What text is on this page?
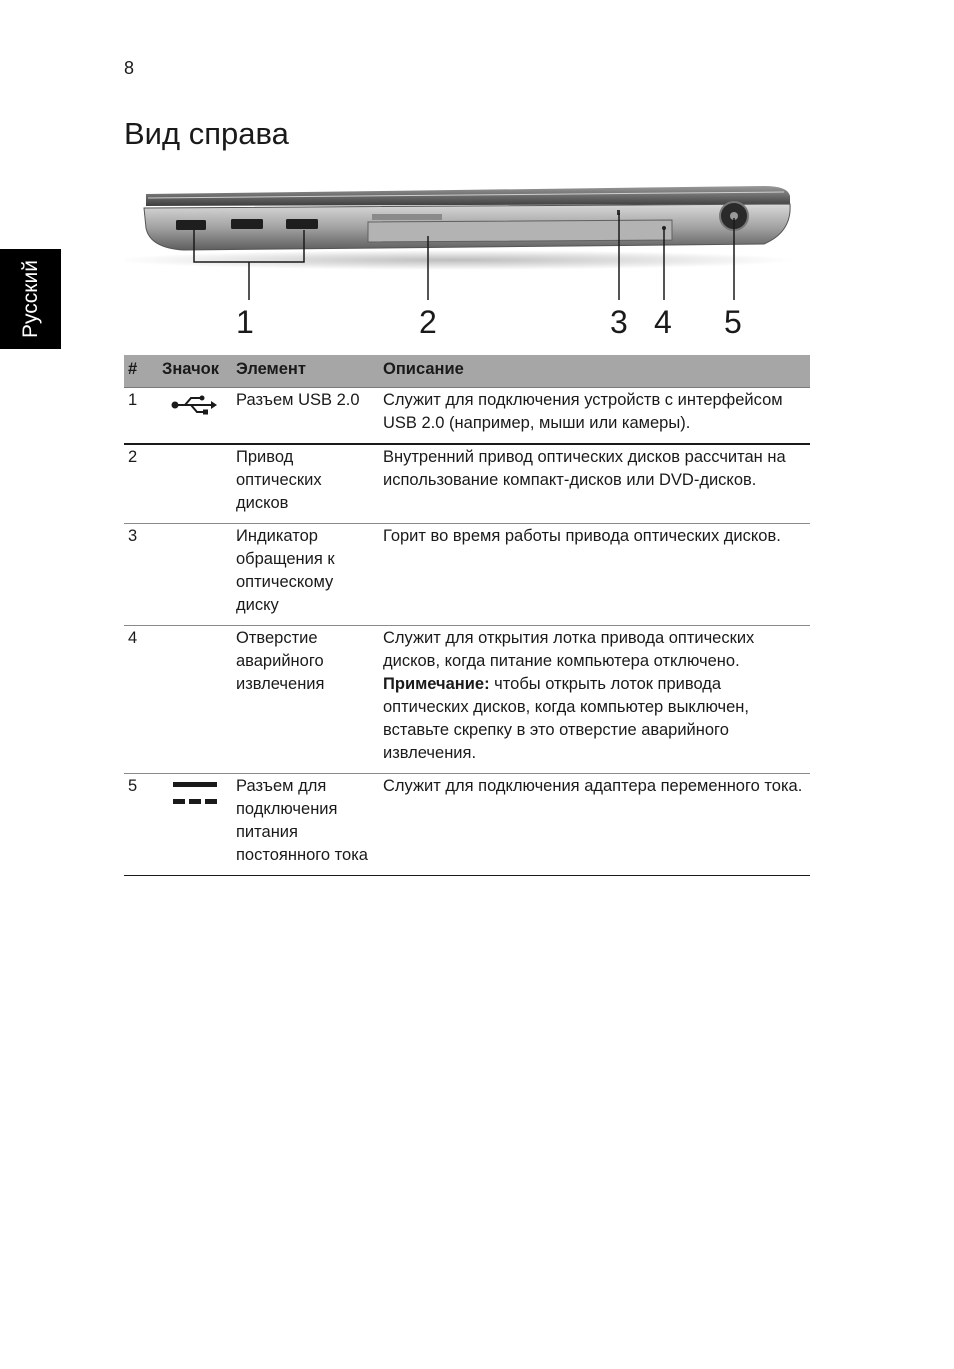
8
Вид справа
Русский	1	2	3 4 5
#	Значок	Элемент	Описание
1		Разъем USB 2.0	Служит для подключения устройств с интерфейсом USB 2.0 (например, мыши или камеры).
2		Привод оптических дисков	Внутренний привод оптических дисков рассчитан на использование компакт-дисков или DVD-дисков.
3		Индикатор обращения к оптическому диску	Горит во время работы привода оптических дисков.
4		Отверстие аварийного извлечения	Служит для открытия лотка привода оптических дисков, когда питание компьютера отключено.
Примечание: чтобы открыть лоток привода оптических дисков, когда компьютер выключен, вставьте скрепку в это отверстие аварийного извлечения.
5		Разъем для подключения питания постоянного тока	Служит для подключения адаптера переменного тока.
